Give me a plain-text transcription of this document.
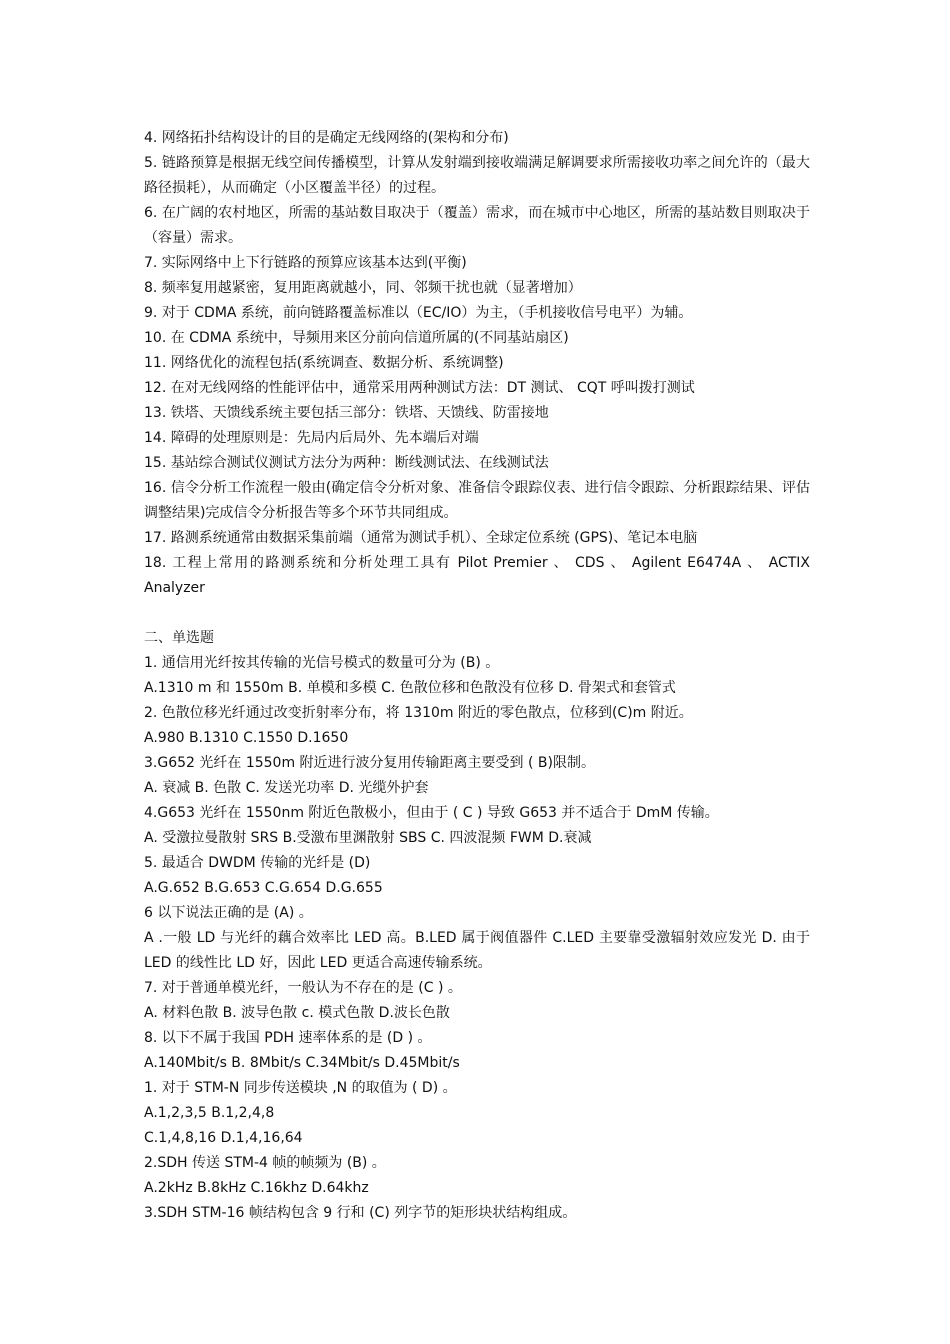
4. 网络拓扑结构设计的目的是确定无线网络的(架构和分布)
5. 链路预算是根据无线空间传播模型，计算从发射端到接收端满足解调要求所需接收功率之间允许的（最大路径损耗），从而确定（小区覆盖半径）的过程。
6. 在广阔的农村地区，所需的基站数目取决于（覆盖）需求，而在城市中心地区，所需的基站数目则取决于（容量）需求。
7. 实际网络中上下行链路的预算应该基本达到(平衡)
8. 频率复用越紧密，复用距离就越小，同、邻频干扰也就（显著增加）
9. 对于 CDMA 系统，前向链路覆盖标准以（EC/IO）为主，（手机接收信号电平）为辅。
10. 在 CDMA 系统中，导频用来区分前向信道所属的(不同基站扇区)
11. 网络优化的流程包括(系统调查、数据分析、系统调整)
12. 在对无线网络的性能评估中，通常采用两种测试方法：DT 测试、 CQT 呼叫拨打测试
13. 铁塔、天馈线系统主要包括三部分：铁塔、天馈线、防雷接地
14. 障碍的处理原则是：先局内后局外、先本端后对端
15. 基站综合测试仪测试方法分为两种：断线测试法、在线测试法
16. 信令分析工作流程一般由(确定信令分析对象、准备信令跟踪仪表、进行信令跟踪、分析跟踪结果、评估调整结果)完成信令分析报告等多个环节共同组成。
17. 路测系统通常由数据采集前端（通常为测试手机）、全球定位系统 (GPS)、笔记本电脑
18. 工程上常用的路测系统和分析处理工具有 Pilot Premier 、 CDS 、 Agilent E6474A 、 ACTIX Analyzer
二、单选题
1. 通信用光纤按其传输的光信号模式的数量可分为 (B) 。
A.1310 m 和 1550m B. 单模和多模 C. 色散位移和色散没有位移 D. 骨架式和套管式
2. 色散位移光纤通过改变折射率分布，将 1310m 附近的零色散点，位移到(C)m 附近。
A.980 B.1310 C.1550 D.1650
3.G652 光纤在 1550m 附近进行波分复用传输距离主要受到 ( B)限制。
A. 衰减 B. 色散 C. 发送光功率 D. 光缆外护套
4.G653 光纤在 1550nm 附近色散极小，但由于 ( C ) 导致 G653 并不适合于 DmM 传输。
A. 受激拉曼散射 SRS B.受激布里渊散射 SBS C. 四波混频 FWM D.衰减
5. 最适合 DWDM 传输的光纤是 (D)
A.G.652 B.G.653 C.G.654 D.G.655
6 以下说法正确的是 (A) 。
A .一般 LD 与光纤的藕合效率比 LED 高。B.LED 属于阀值器件 C.LED 主要靠受激辐射效应发光 D. 由于 LED 的线性比 LD 好，因此 LED 更适合高速传输系统。
7. 对于普通单模光纤，一般认为不存在的是 (C ) 。
A. 材料色散 B. 波导色散 c. 模式色散 D.波长色散
8. 以下不属于我国 PDH 速率体系的是 (D ) 。
A.140Mbit/s B. 8Mbit/s C.34Mbit/s D.45Mbit/s
1. 对于 STM-N 同步传送模块 ,N 的取值为 ( D) 。
A.1,2,3,5 B.1,2,4,8
C.1,4,8,16 D.1,4,16,64
2.SDH 传送 STM-4 帧的帧频为 (B) 。
A.2kHz B.8kHz C.16khz D.64khz
3.SDH STM-16 帧结构包含 9 行和 (C) 列字节的矩形块状结构组成。
